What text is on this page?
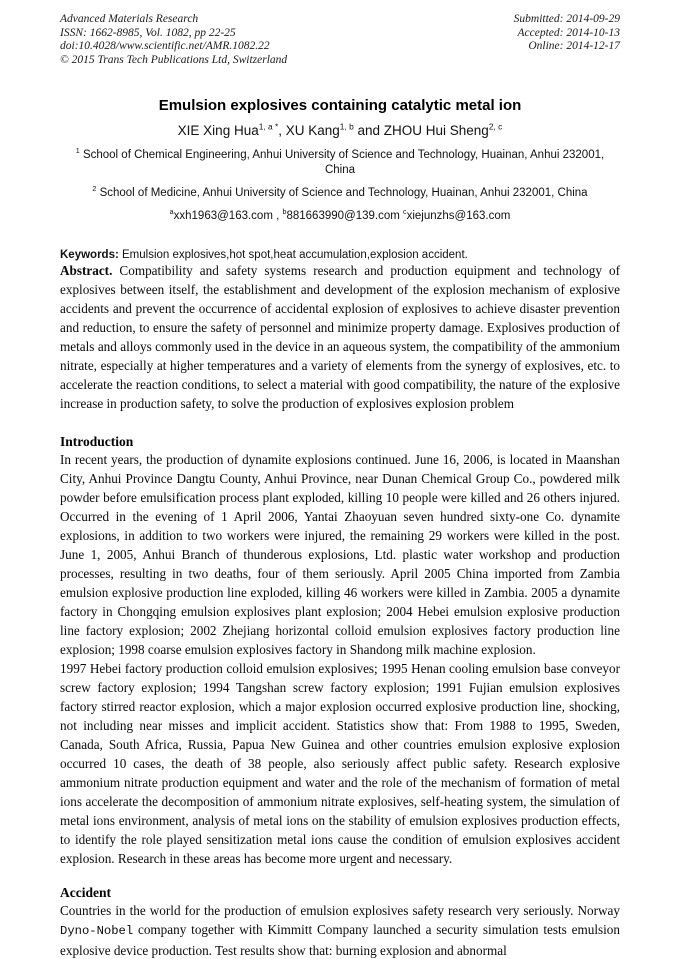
Advanced Materials Research
ISSN: 1662-8985, Vol. 1082, pp 22-25
doi:10.4028/www.scientific.net/AMR.1082.22
© 2015 Trans Tech Publications Ltd, Switzerland
Submitted: 2014-09-29
Accepted: 2014-10-13
Online: 2014-12-17
Emulsion explosives containing catalytic metal ion
XIE Xing Hua$^{1, a *}$, XU Kang$^{1, b}$ and ZHOU Hui Sheng$^{2, c}$
$^1$ School of Chemical Engineering, Anhui University of Science and Technology, Huainan, Anhui 232001, China
$^2$ School of Medicine, Anhui University of Science and Technology, Huainan, Anhui 232001, China
$^a$xxh1963@163.com , $^b$881663990@139.com $^c$xiejunzhs@163.com
Keywords: Emulsion explosives,hot spot,heat accumulation,explosion accident.

Abstract. Compatibility and safety systems research and production equipment and technology of explosives between itself, the establishment and development of the explosion mechanism of explosive accidents and prevent the occurrence of accidental explosion of explosives to achieve disaster prevention and reduction, to ensure the safety of personnel and minimize property damage. Explosives production of metals and alloys commonly used in the device in an aqueous system, the compatibility of the ammonium nitrate, especially at higher temperatures and a variety of elements from the synergy of explosives, etc. to accelerate the reaction conditions, to select a material with good compatibility, the nature of the explosive increase in production safety, to solve the production of explosives explosion problem

Introduction

In recent years, the production of dynamite explosions continued. June 16, 2006, is located in Maanshan City, Anhui Province Dangtu County, Anhui Province, near Dunan Chemical Group Co., powdered milk powder before emulsification process plant exploded, killing 10 people were killed and 26 others injured. Occurred in the evening of 1 April 2006, Yantai Zhaoyuan seven hundred sixty-one Co. dynamite explosions, in addition to two workers were injured, the remaining 29 workers were killed in the post. June 1, 2005, Anhui Branch of thunderous explosions, Ltd. plastic water workshop and production processes, resulting in two deaths, four of them seriously. April 2005 China imported from Zambia emulsion explosive production line exploded, killing 46 workers were killed in Zambia. 2005 a dynamite factory in Chongqing emulsion explosives plant explosion; 2004 Hebei emulsion explosive production line factory explosion; 2002 Zhejiang horizontal colloid emulsion explosives factory production line explosion; 1998 coarse emulsion explosives factory in Shandong milk machine explosion.

1997 Hebei factory production colloid emulsion explosives; 1995 Henan cooling emulsion base conveyor screw factory explosion; 1994 Tangshan screw factory explosion; 1991 Fujian emulsion explosives factory stirred reactor explosion, which a major explosion occurred explosive production line, shocking, not including near misses and implicit accident. Statistics show that: From 1988 to 1995, Sweden, Canada, South Africa, Russia, Papua New Guinea and other countries emulsion explosive explosion occurred 10 cases, the death of 38 people, also seriously affect public safety. Research explosive ammonium nitrate production equipment and water and the role of the mechanism of formation of metal ions accelerate the decomposition of ammonium nitrate explosives, self-heating system, the simulation of metal ions environment, analysis of metal ions on the stability of emulsion explosives production effects, to identify the role played sensitization metal ions cause the condition of emulsion explosives accident explosion. Research in these areas has become more urgent and necessary.

Accident

Countries in the world for the production of emulsion explosives safety research very seriously. Norway Dyno-Nobel company together with Kimmitt Company launched a security simulation tests emulsion explosive device production. Test results show that: burning explosion and abnormal
